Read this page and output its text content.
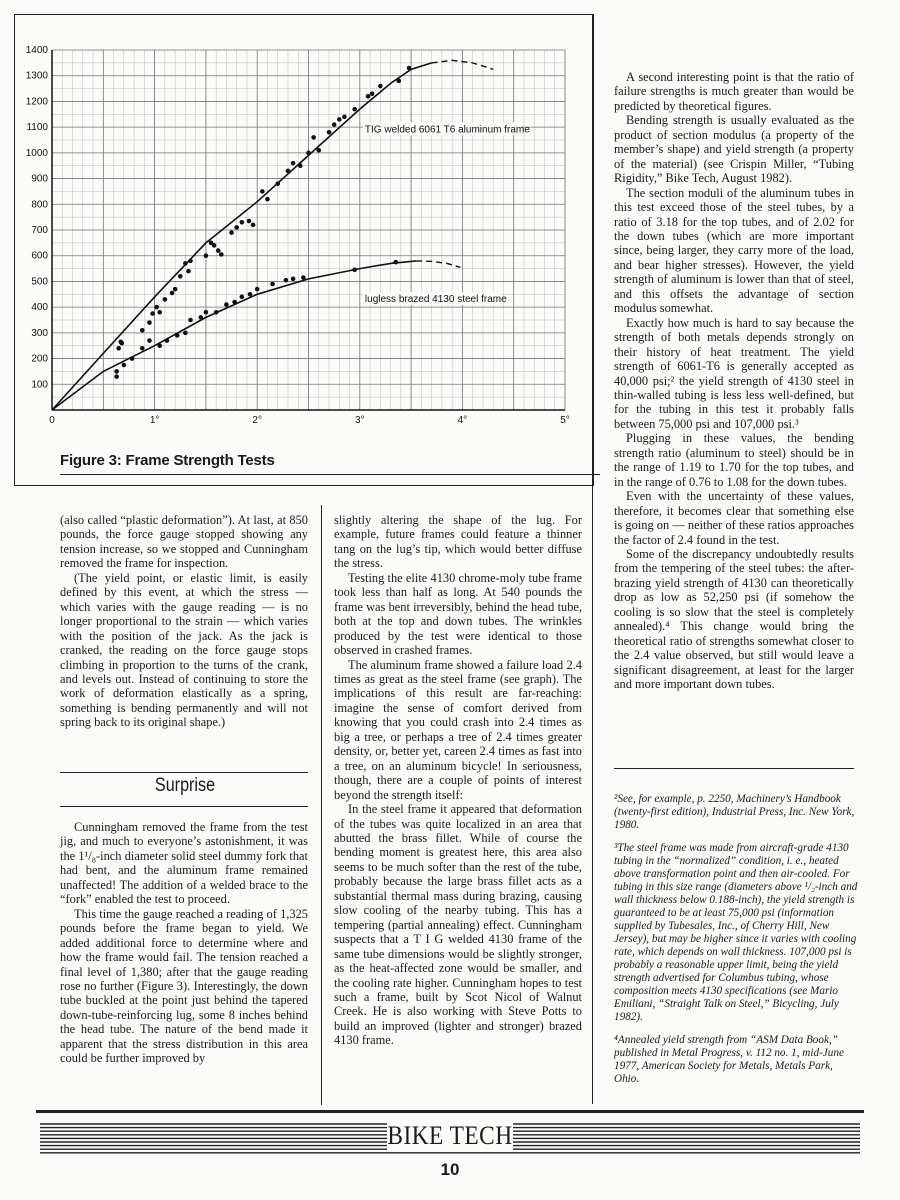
100
200
300
400
500
600
700
800
900
1000
1100
1200
1300
1400
0	1°	2°	3°	4°	5°
TIG welded 6061 T6 aluminum frame
lugless brazed 4130 steel frame
Figure 3: Frame Strength Tests

(also called “plastic deformation”). At last, at 850 pounds, the force gauge stopped showing any tension increase, so we stopped and Cunningham removed the frame for inspection.

(The yield point, or elastic limit, is easily defined by this event, at which the stress — which varies with the gauge reading — is no longer proportional to the strain — which varies with the position of the jack. As the jack is cranked, the reading on the force gauge stops climbing in proportion to the turns of the crank, and levels out. Instead of continuing to store the work of deformation elastically as a spring, something is bending permanently and will not spring back to its original shape.)

Surprise

Cunningham removed the frame from the test jig, and much to everyone’s astonishment, it was the 1¹/₈-inch diameter solid steel dummy fork that had bent, and the aluminum frame remained unaffected! The addition of a welded brace to the “fork” enabled the test to proceed.

This time the gauge reached a reading of 1,325 pounds before the frame began to yield. We added additional force to determine where and how the frame would fail. The tension reached a final level of 1,380; after that the gauge reading rose no further (Figure 3). Interestingly, the down tube buckled at the point just behind the tapered down-tube-reinforcing lug, some 8 inches behind the head tube. The nature of the bend made it apparent that the stress distribution in this area could be further improved by

slightly altering the shape of the lug. For example, future frames could feature a thinner tang on the lug’s tip, which would better diffuse the stress.

Testing the elite 4130 chrome-moly tube frame took less than half as long. At 540 pounds the frame was bent irreversibly, behind the head tube, both at the top and down tubes. The wrinkles produced by the test were identical to those observed in crashed frames.

The aluminum frame showed a failure load 2.4 times as great as the steel frame (see graph). The implications of this result are far-reaching: imagine the sense of comfort derived from knowing that you could crash into 2.4 times as big a tree, or perhaps a tree of 2.4 times greater density, or, better yet, careen 2.4 times as fast into a tree, on an aluminum bicycle! In seriousness, though, there are a couple of points of interest beyond the strength itself:

In the steel frame it appeared that deformation of the tubes was quite localized in an area that abutted the brass fillet. While of course the bending moment is greatest here, this area also seems to be much softer than the rest of the tube, probably because the large brass fillet acts as a substantial thermal mass during brazing, causing slow cooling of the nearby tubing. This has a tempering (partial annealing) effect. Cunningham suspects that a T I G welded 4130 frame of the same tube dimensions would be slightly stronger, as the heat-affected zone would be smaller, and the cooling rate higher. Cunningham hopes to test such a frame, built by Scot Nicol of Walnut Creek. He is also working with Steve Potts to build an improved (lighter and stronger) brazed 4130 frame.

A second interesting point is that the ratio of failure strengths is much greater than would be predicted by theoretical figures.

Bending strength is usually evaluated as the product of section modulus (a property of the member’s shape) and yield strength (a property of the material) (see Crispin Miller, “Tubing Rigidity,” Bike Tech, August 1982).

The section moduli of the aluminum tubes in this test exceed those of the steel tubes, by a ratio of 3.18 for the top tubes, and of 2.02 for the down tubes (which are more important since, being larger, they carry more of the load, and bear higher stresses). However, the yield strength of aluminum is lower than that of steel, and this offsets the advantage of section modulus somewhat.

Exactly how much is hard to say because the strength of both metals depends strongly on their history of heat treatment. The yield strength of 6061-T6 is generally accepted as 40,000 psi;² the yield strength of 4130 steel in thin-walled tubing is less less well-defined, but for the tubing in this test it probably falls between 75,000 psi and 107,000 psi.³

Plugging in these values, the bending strength ratio (aluminum to steel) should be in the range of 1.19 to 1.70 for the top tubes, and in the range of 0.76 to 1.08 for the down tubes.

Even with the uncertainty of these values, therefore, it becomes clear that something else is going on — neither of these ratios approaches the factor of 2.4 found in the test.

Some of the discrepancy undoubtedly results from the tempering of the steel tubes: the after-brazing yield strength of 4130 can theoretically drop as low as 52,250 psi (if somehow the cooling is so slow that the steel is completely annealed).⁴ This change would bring the theoretical ratio of strengths somewhat closer to the 2.4 value observed, but still would leave a significant disagreement, at least for the larger and more important down tubes.

²See, for example, p. 2250, Machinery’s Handbook (twenty-first edition), Industrial Press, Inc. New York, 1980.

³The steel frame was made from aircraft-grade 4130 tubing in the “normalized” condition, i. e., heated above transformation point and then air-cooled. For tubing in this size range (diameters above ¹/₂-inch and wall thickness below 0.188-inch), the yield strength is guaranteed to be at least 75,000 psi (information supplied by Tubesales, Inc., of Cherry Hill, New Jersey), but may be higher since it varies with cooling rate, which depends on wall thickness. 107,000 psi is probably a reasonable upper limit, being the yield strength advertised for Columbus tubing, whose composition meets 4130 specifications (see Mario Emiliani, “Straight Talk on Steel,” Bicycling, July 1982).

⁴Annealed yield strength from “ASM Data Book,” published in Metal Progress, v. 112 no. 1, mid-June 1977, American Society for Metals, Metals Park, Ohio.

BIKE TECH
10
